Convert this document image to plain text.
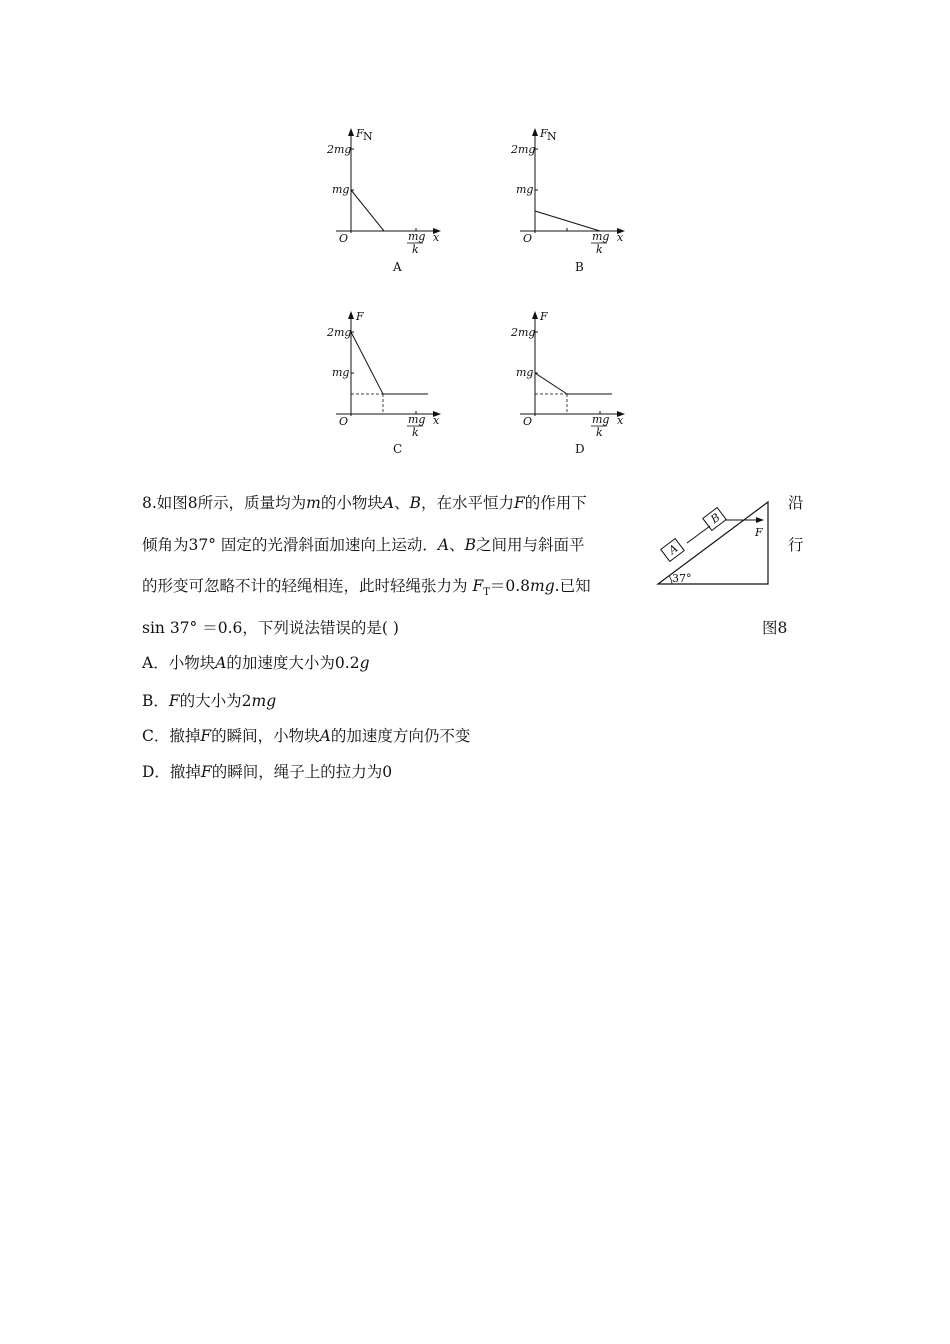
F N
2mg
mg
O	x
mg
k
A
F N
2mg
mg
O	x
mg
k
B
F
2mg
mg
O	x
mg
k
C
F
2mg
mg
O	x
mg
k
D
8.如图8所示，质量均为m的小物块A、B，在水平恒力F的作用下	沿
倾角为37° 固定的光滑斜面加速向上运动．A、B之间用与斜面平	行
的形变可忽略不计的轻绳相连，此时轻绳张力为 $F_T=0.8mg$.已知
sin 37° ＝0.6，下列说法错误的是( )	图8
A
B
F
37°
A．小物块A的加速度大小为0.2g
B．F的大小为2mg
C．撤掉F的瞬间，小物块A的加速度方向仍不变
D．撤掉F的瞬间，绳子上的拉力为0
